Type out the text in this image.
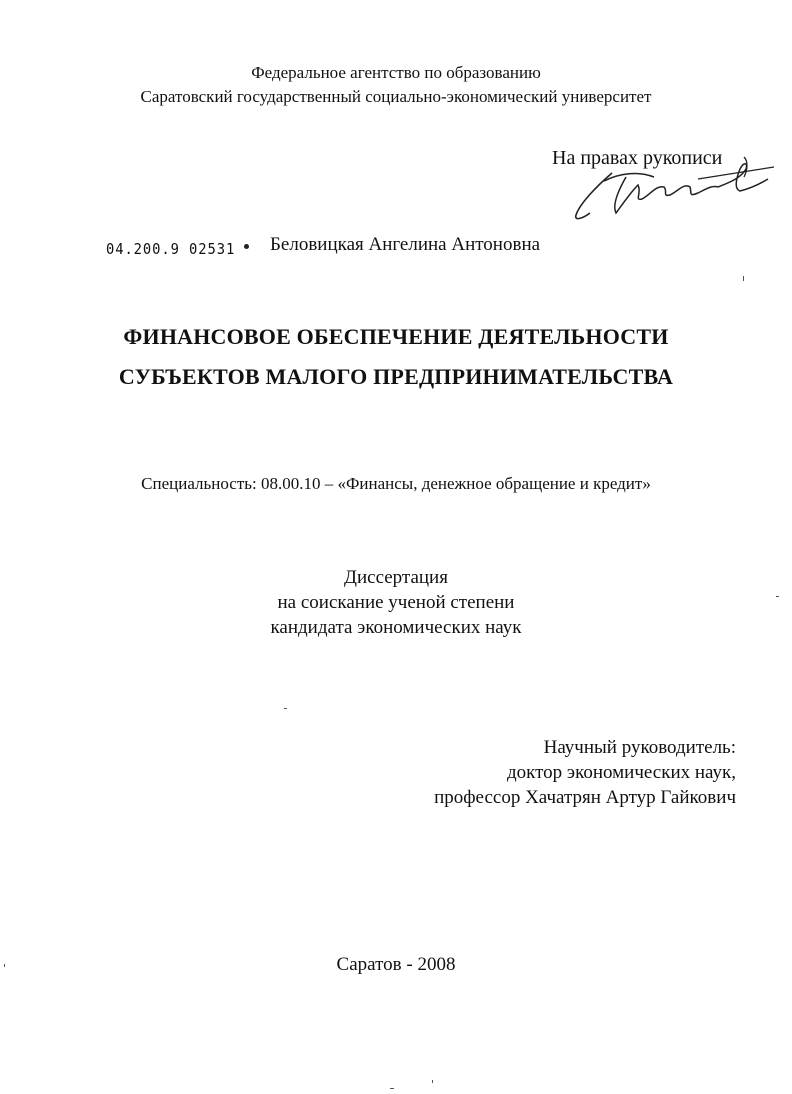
Федеральное агентство по образованию
Саратовский государственный социально-экономический университет
На правах рукописи
04.200.9 02531 Беловицкая Ангелина Антоновна
ФИНАНСОВОЕ ОБЕСПЕЧЕНИЕ ДЕЯТЕЛЬНОСТИ
СУБЪЕКТОВ МАЛОГО ПРЕДПРИНИМАТЕЛЬСТВА
Специальность: 08.00.10 – «Финансы, денежное обращение и кредит»
Диссертация
на соискание ученой степени
кандидата экономических наук
Научный руководитель:
доктор экономических наук,
профессор Хачатрян Артур Гайкович
Саратов - 2008
